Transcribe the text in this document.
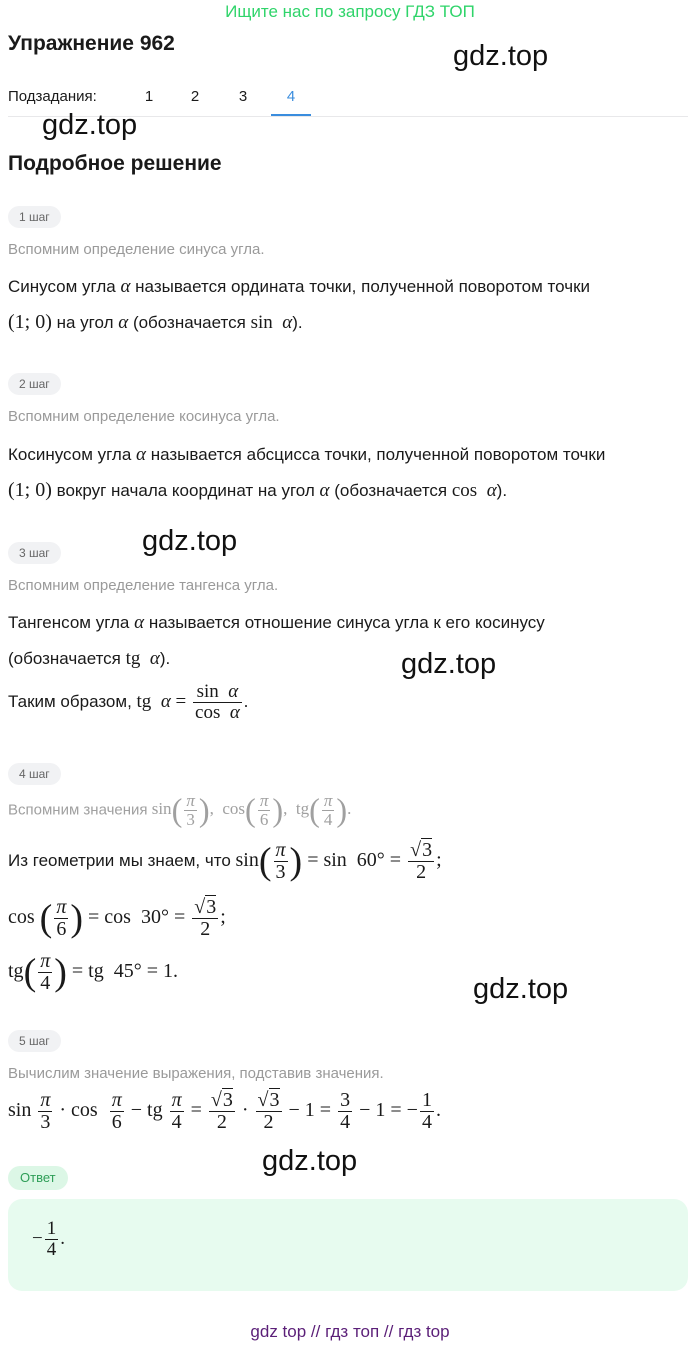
Ищите нас по запросу ГДЗ ТОП
Упражнение 962	gdz.top
Подзадания:	1	2	3	4
gdz.top
Подробное решение
1 шаг
Вспомним определение синуса угла.
Синусом угла α называется ордината точки, полученной поворотом точки
(1; 0) на угол α (обозначается sin  α).
2 шаг
Вспомним определение косинуса угла.
Косинусом угла α называется абсцисса точки, полученной поворотом точки
(1; 0) вокруг начала координат на угол α (обозначается cos  α).
gdz.top
3 шаг
Вспомним определение тангенса угла.
Тангенсом угла α называется отношение синуса угла к его косинусу
(обозначается tg  α).	gdz.top
Таким образом, tg  $\alpha = \frac{\text{sin  α}}{\text{cos  α}}$ .
4 шаг
Вспомним значения $\sin( \frac{\pi}{3}$ ),  $\cos( \frac{\pi}{6}$ ),  $tg( \frac{\pi}{4}$ ).
Из геометрии мы знаем, что $\sin( \frac{\pi}{3}$ ) = $\sin 60^\circ = \frac{√3}{2}$ ;
cos ( $\frac{\pi}{6}$ ) = $\cos 30^\circ = \frac{√3}{2}$ ;
$tg( \frac{\pi}{4}$ ) = tg  45° = 1.
gdz.top
5 шаг
Вычислим значение выражения, подставив значения.
$\sin \frac{\pi}{3} \cdot \cos \frac{\pi}{6}$ − tg $\frac{\pi}{4} = \frac{√3}{2} \cdot \frac{√3}{2} - 1 = \frac{3}{4} - 1$ = − $\frac{1}{4}$ .
gdz.top
Ответ
− $\frac{1}{4}$ .
gdz top // гдз топ // гдз top
